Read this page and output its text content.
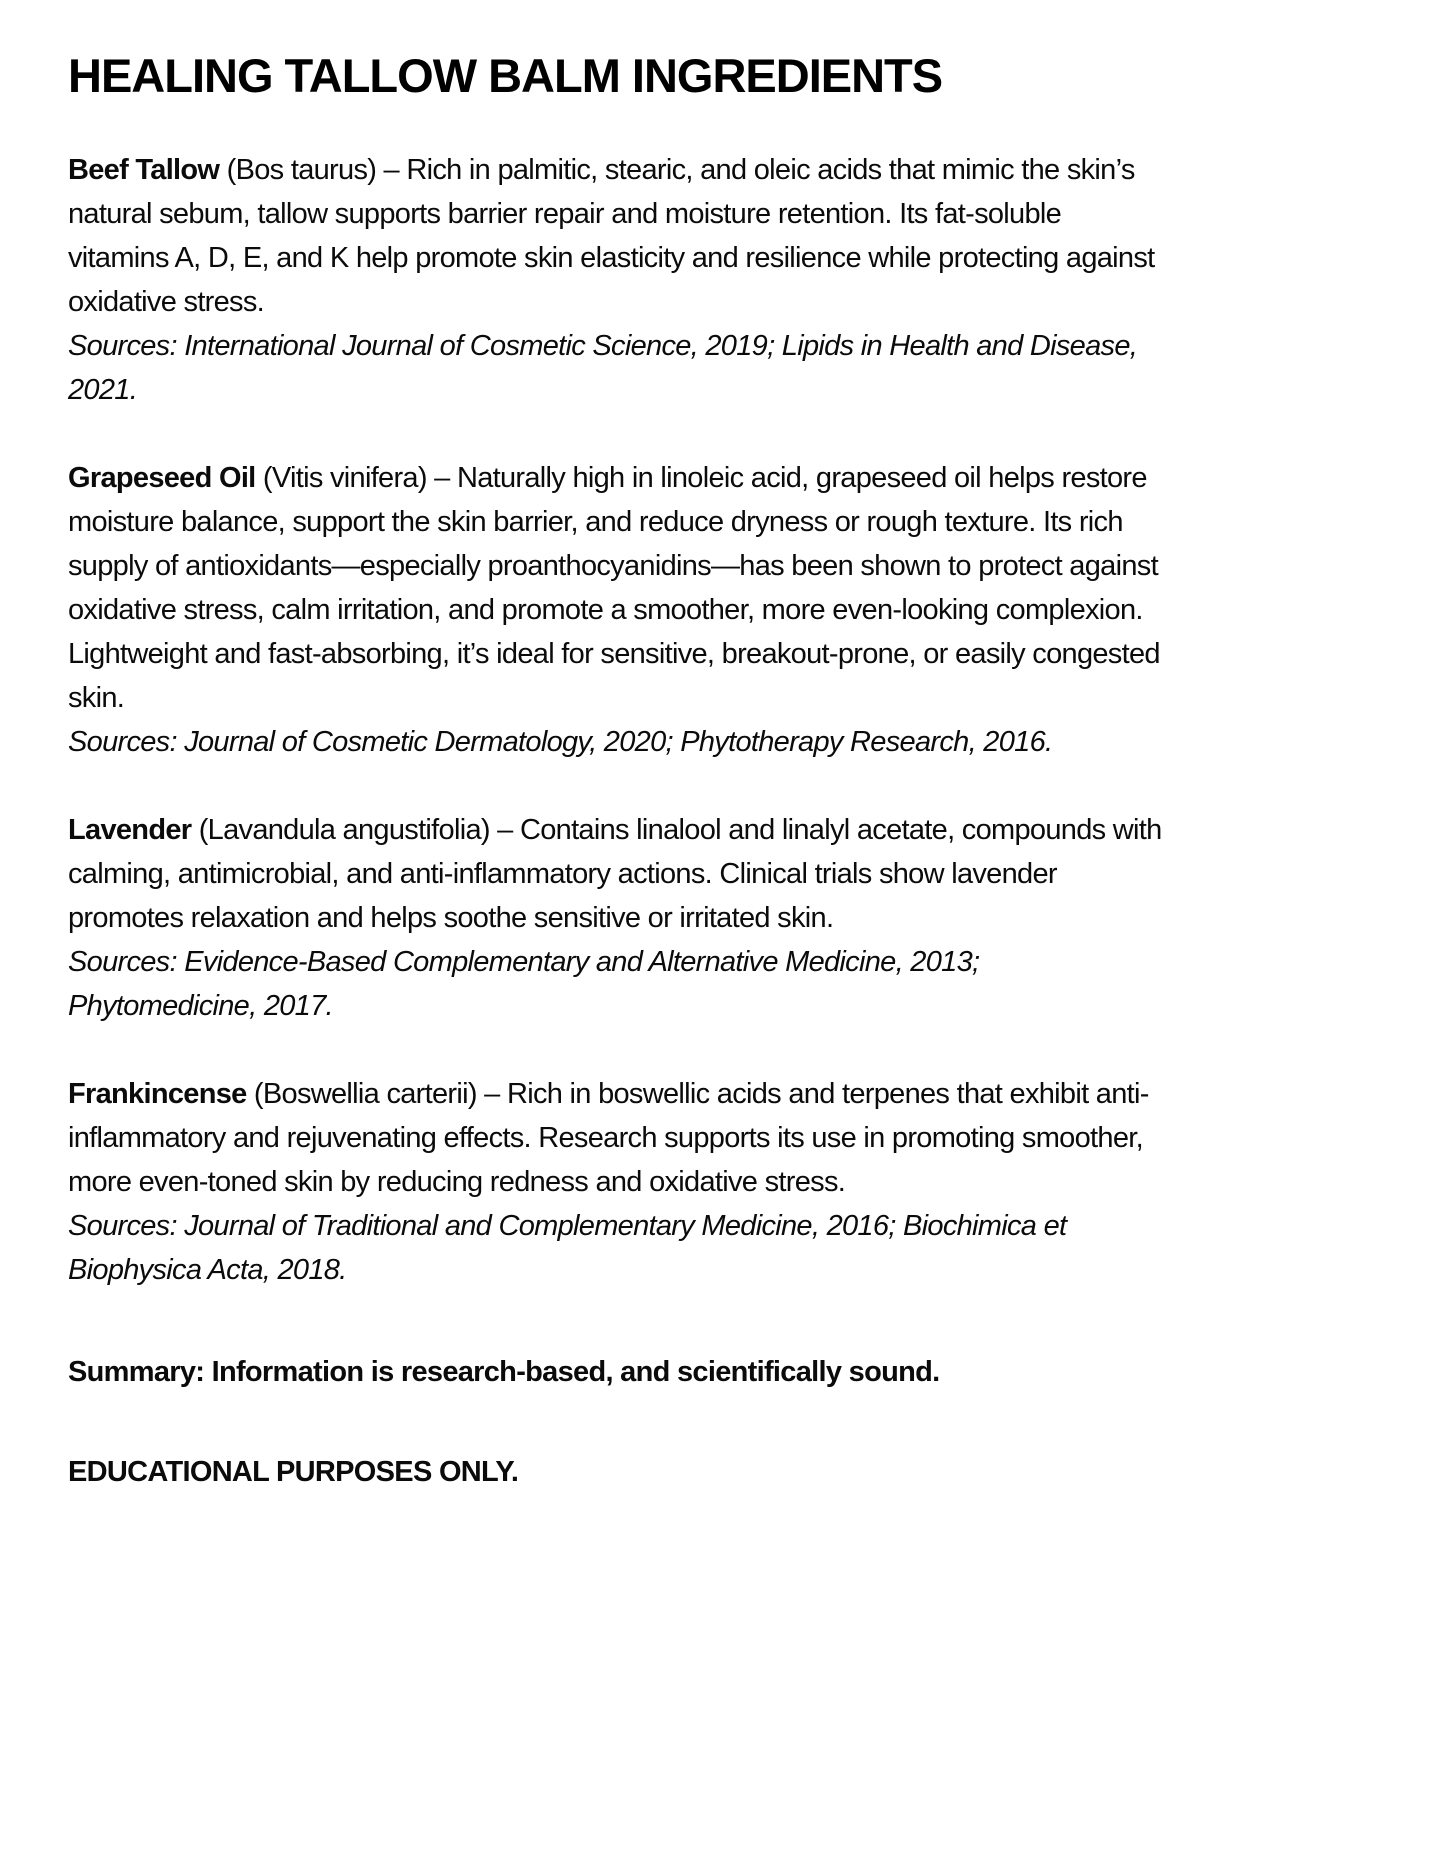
HEALING TALLOW BALM INGREDIENTS

Beef Tallow (Bos taurus) – Rich in palmitic, stearic, and oleic acids that mimic the skin’s natural sebum, tallow supports barrier repair and moisture retention. Its fat-soluble vitamins A, D, E, and K help promote skin elasticity and resilience while protecting against oxidative stress.
Sources: International Journal of Cosmetic Science, 2019; Lipids in Health and Disease, 2021.

Grapeseed Oil (Vitis vinifera) – Naturally high in linoleic acid, grapeseed oil helps restore moisture balance, support the skin barrier, and reduce dryness or rough texture. Its rich supply of antioxidants—especially proanthocyanidins—has been shown to protect against oxidative stress, calm irritation, and promote a smoother, more even-looking complexion. Lightweight and fast-absorbing, it’s ideal for sensitive, breakout-prone, or easily congested skin.
Sources: Journal of Cosmetic Dermatology, 2020; Phytotherapy Research, 2016.

Lavender (Lavandula angustifolia) – Contains linalool and linalyl acetate, compounds with calming, antimicrobial, and anti-inflammatory actions. Clinical trials show lavender promotes relaxation and helps soothe sensitive or irritated skin.
Sources: Evidence-Based Complementary and Alternative Medicine, 2013; Phytomedicine, 2017.

Frankincense (Boswellia carterii) – Rich in boswellic acids and terpenes that exhibit anti-inflammatory and rejuvenating effects. Research supports its use in promoting smoother, more even-toned skin by reducing redness and oxidative stress.
Sources: Journal of Traditional and Complementary Medicine, 2016; Biochimica et Biophysica Acta, 2018.

Summary: Information is research-based, and scientifically sound.

EDUCATIONAL PURPOSES ONLY.
